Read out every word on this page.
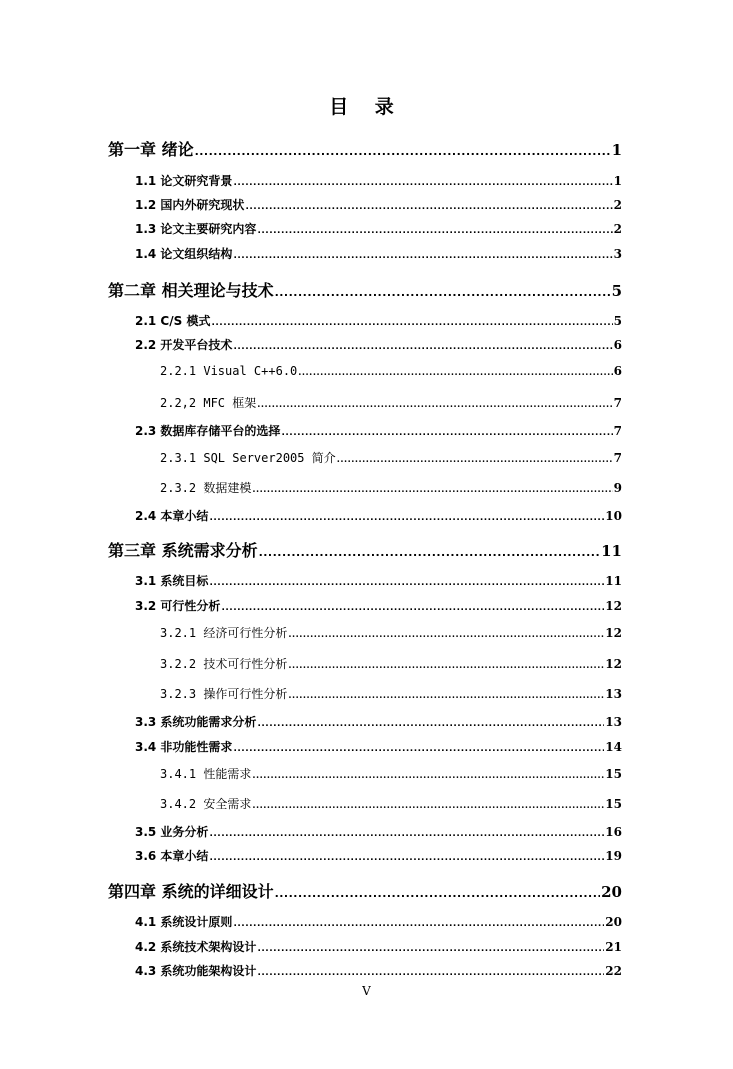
目 录
第一章 绪论 .....	1
1.1 论文研究背景 .....	1
1.2 国内外研究现状 .....	2
1.3 论文主要研究内容 .....	2
1.4 论文组织结构 .....	3
第二章 相关理论与技术 .....	5
2.1 C/S 模式 .....	5
2.2 开发平台技术 .....	6
2.2.1 Visual C++6.0 .....	6
2.2,2 MFC 框架 .....	7
2.3 数据库存储平台的选择 .....	7
2.3.1 SQL Server2005 简介 .....	7
2.3.2 数据建模 .....	9
2.4 本章小结 .....	10
第三章 系统需求分析 .....	11
3.1 系统目标 .....	11
3.2 可行性分析 .....	12
3.2.1 经济可行性分析 .....	12
3.2.2 技术可行性分析 .....	12
3.2.3 操作可行性分析 .....	13
3.3 系统功能需求分析 .....	13
3.4 非功能性需求 .....	14
3.4.1 性能需求 .....	15
3.4.2 安全需求 .....	15
3.5 业务分析 .....	16
3.6 本章小结 .....	19
第四章 系统的详细设计 .....	20
4.1 系统设计原则 .....	20
4.2 系统技术架构设计 .....	21
4.3 系统功能架构设计 .....	22
V
